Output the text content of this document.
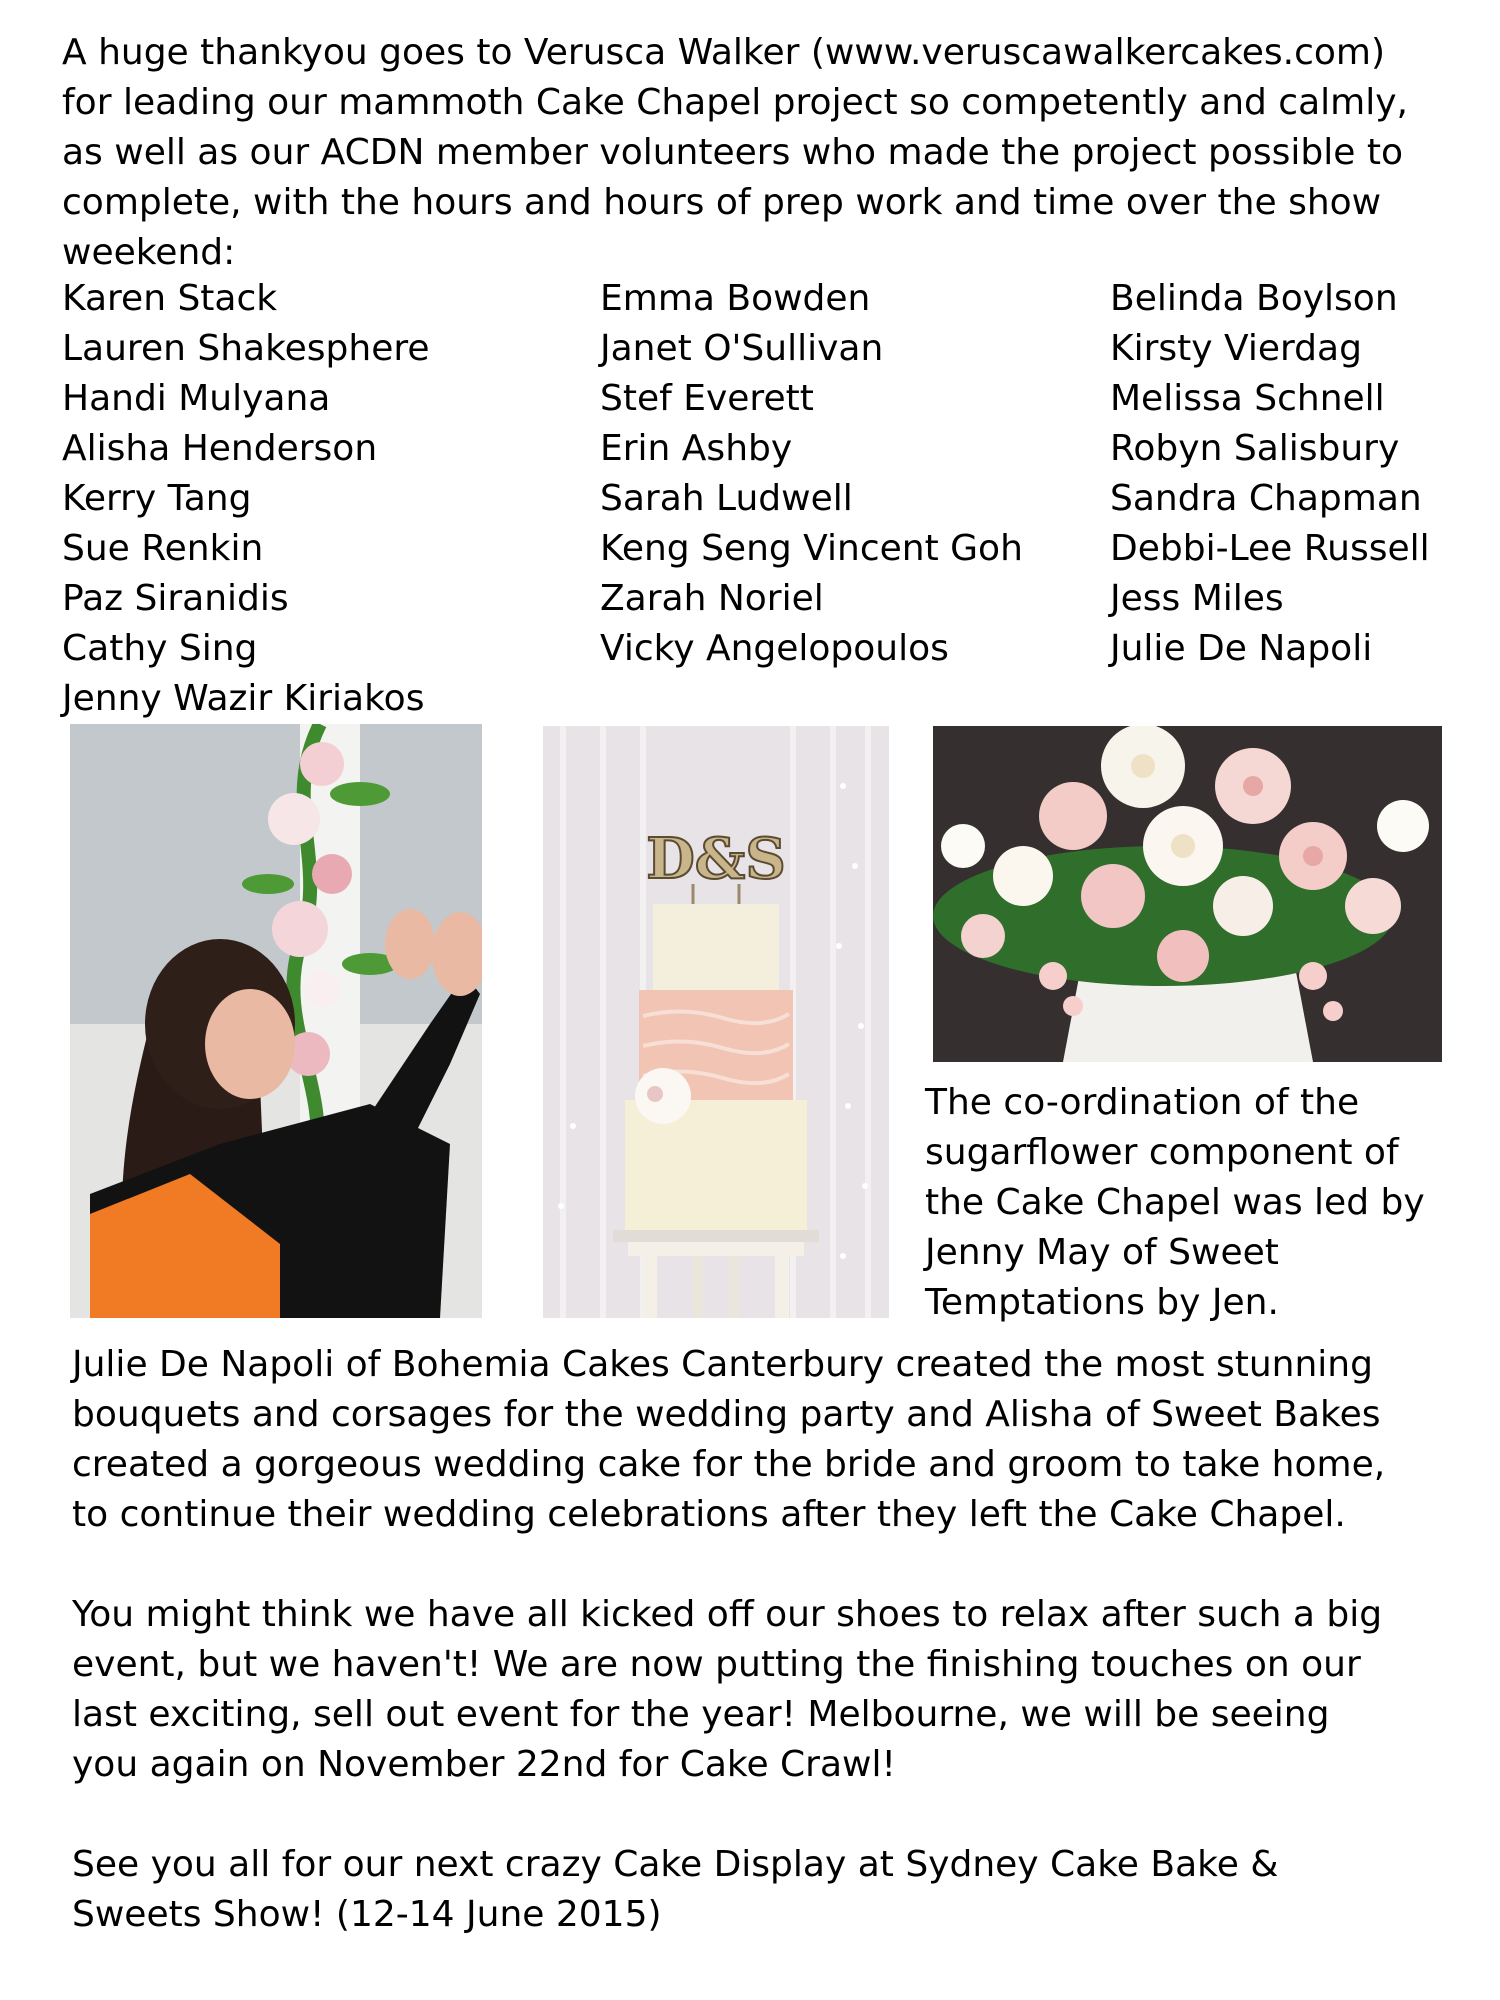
A huge thankyou goes to Verusca Walker (www.veruscawalkercakes.com)
for leading our mammoth Cake Chapel project so competently and calmly,
as well as our ACDN member volunteers who made the project possible to
complete, with the hours and hours of prep work and time over the show
weekend:

Karen Stack
Lauren Shakesphere
Handi Mulyana
Alisha Henderson
Kerry Tang
Sue Renkin
Paz Siranidis
Cathy Sing
Jenny Wazir Kiriakos
Emma Bowden
Janet O'Sullivan
Stef Everett
Erin Ashby
Sarah Ludwell
Keng Seng Vincent Goh
Zarah Noriel
Vicky Angelopoulos
Belinda Boylson
Kirsty Vierdag
Melissa Schnell
Robyn Salisbury
Sandra Chapman
Debbi-Lee Russell
Jess Miles
Julie De Napoli
D&S

The co-ordination of the
sugarflower component of
the Cake Chapel was led by
Jenny May of Sweet
Temptations by Jen.

Julie De Napoli of Bohemia Cakes Canterbury created the most stunning
bouquets and corsages for the wedding party and Alisha of Sweet Bakes
created a gorgeous wedding cake for the bride and groom to take home,
to continue their wedding celebrations after they left the Cake Chapel.

You might think we have all kicked off our shoes to relax after such a big
event, but we haven't! We are now putting the finishing touches on our
last exciting, sell out event for the year! Melbourne, we will be seeing
you again on November 22nd for Cake Crawl!

See you all for our next crazy Cake Display at Sydney Cake Bake &
Sweets Show! (12-14 June 2015)
